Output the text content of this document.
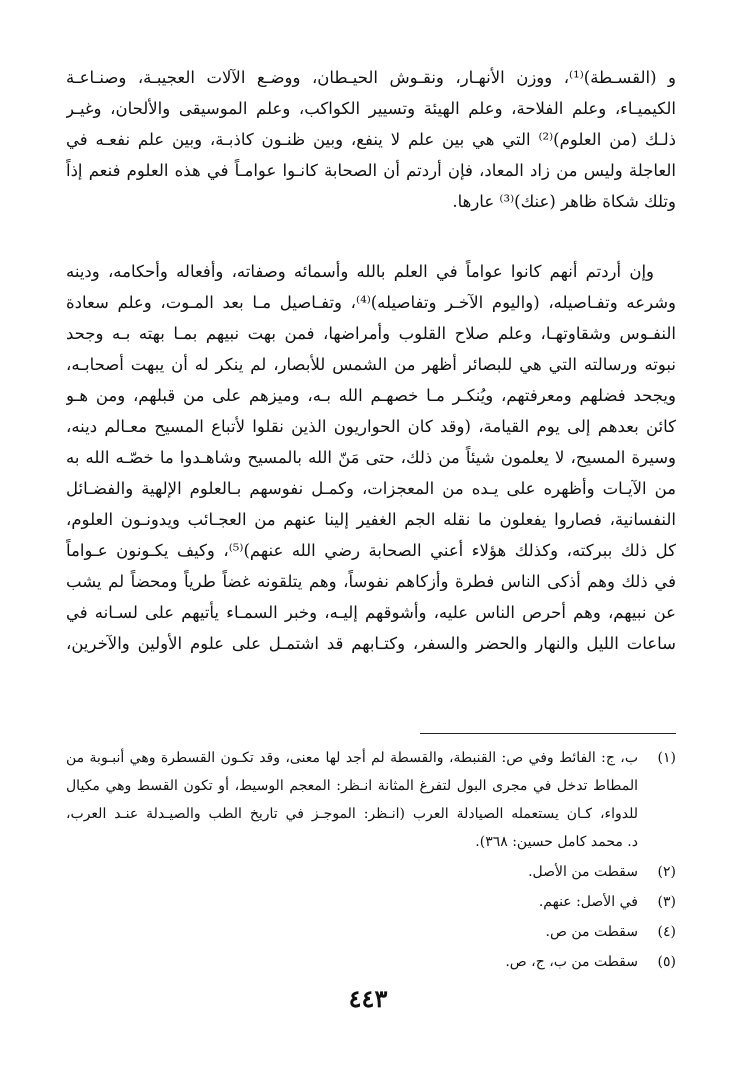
و (القسـطة)⁽¹⁾، ووزن الأنهـار، ونقـوش الحيـطان، ووضـع الآلات العجيبـة، وصنـاعـة
الكيميـاء، وعلم الفلاحة، وعلم الهيئة وتسيير الكواكب، وعلم الموسيقى والألحان، وغيـر
ذلـك (من العلوم)⁽²⁾ التي هي بين علم لا ينفع، وبين ظنـون كاذبـة، وبين علم نفعـه في
العاجلة وليس من زاد المعاد، فإن أردتم أن الصحابة كانـوا عوامـاً في هذه العلوم فنعم إذاً
وتلك شكاة ظاهر (عنك)⁽³⁾ عارها.
وإن أردتم أنهم كانوا عواماً في العلم بالله وأسمائه وصفاته، وأفعاله وأحكامه، ودينه
وشرعه وتفـاصيله، (واليوم الآخـر وتفاصيله)⁽⁴⁾، وتفـاصيل مـا بعد المـوت، وعلم سعادة
النفـوس وشقاوتهـا، وعلم صلاح القلوب وأمراضها، فمن بهت نبيهم بمـا بهته بـه وجحد
نبوته ورسالته التي هي للبصائر أظهر من الشمس للأبصار، لم ينكر له أن يبهت أصحابـه،
ويجحد فضلهم ومعرفتهم، ويُنكـر مـا خصهـم الله بـه، وميزهم على من قبلهم، ومن هـو
كائن بعدهم إلى يوم القيامة، (وقد كان الحواريون الذين نقلوا لأتباع المسيح معـالم دينه،
وسيرة المسيح، لا يعلمون شيئاً من ذلك، حتى مَنّ الله بالمسيح وشاهـدوا ما خصّـه الله به
من الآيـات وأظهره على يـده من المعجزات، وكمـل نفوسهم بـالعلوم الإلهية والفضـائل
النفسانية، فصاروا يفعلون ما نقله الجم الغفير إلينا عنهم من العجـائب ويدونـون العلوم،
كل ذلك ببركته، وكذلك هؤلاء أعني الصحابة رضي الله عنهم)⁽⁵⁾، وكيف يكـونون عـواماً
في ذلك وهم أذكى الناس فطرة وأزكاهم نفوساً، وهم يتلقونه غضاً طرياً ومحضاً لم يشب
عن نبيهم، وهم أحرص الناس عليه، وأشوقهم إليـه، وخبر السمـاء يأتيهم على لسـانه في
ساعات الليل والنهار والحضر والسفر، وكتـابهم قد اشتمـل على علوم الأولين والآخرين،
(١)
ب، ج: الفائط وفي ص: القنبطة، والقسطة لم أجد لها معنى، وقد تكـون القسطرة وهي أنبـوبة من
المطاط تدخل في مجرى البول لتفرغ المثانة انـظر: المعجم الوسيط، أو تكون القسط وهي مكيال
للدواء، كـان يستعمله الصيادلة العرب (انـظر: الموجـز في تاريخ الطب والصيـدلة عنـد العرب،
د. محمد كامل حسين: ٣٦٨).
(٢)
سقطت من الأصل.
(٣)
في الأصل: عنهم.
(٤)
سقطت من ص.
(٥)
سقطت من ب، ج، ص.
٤٤٣
